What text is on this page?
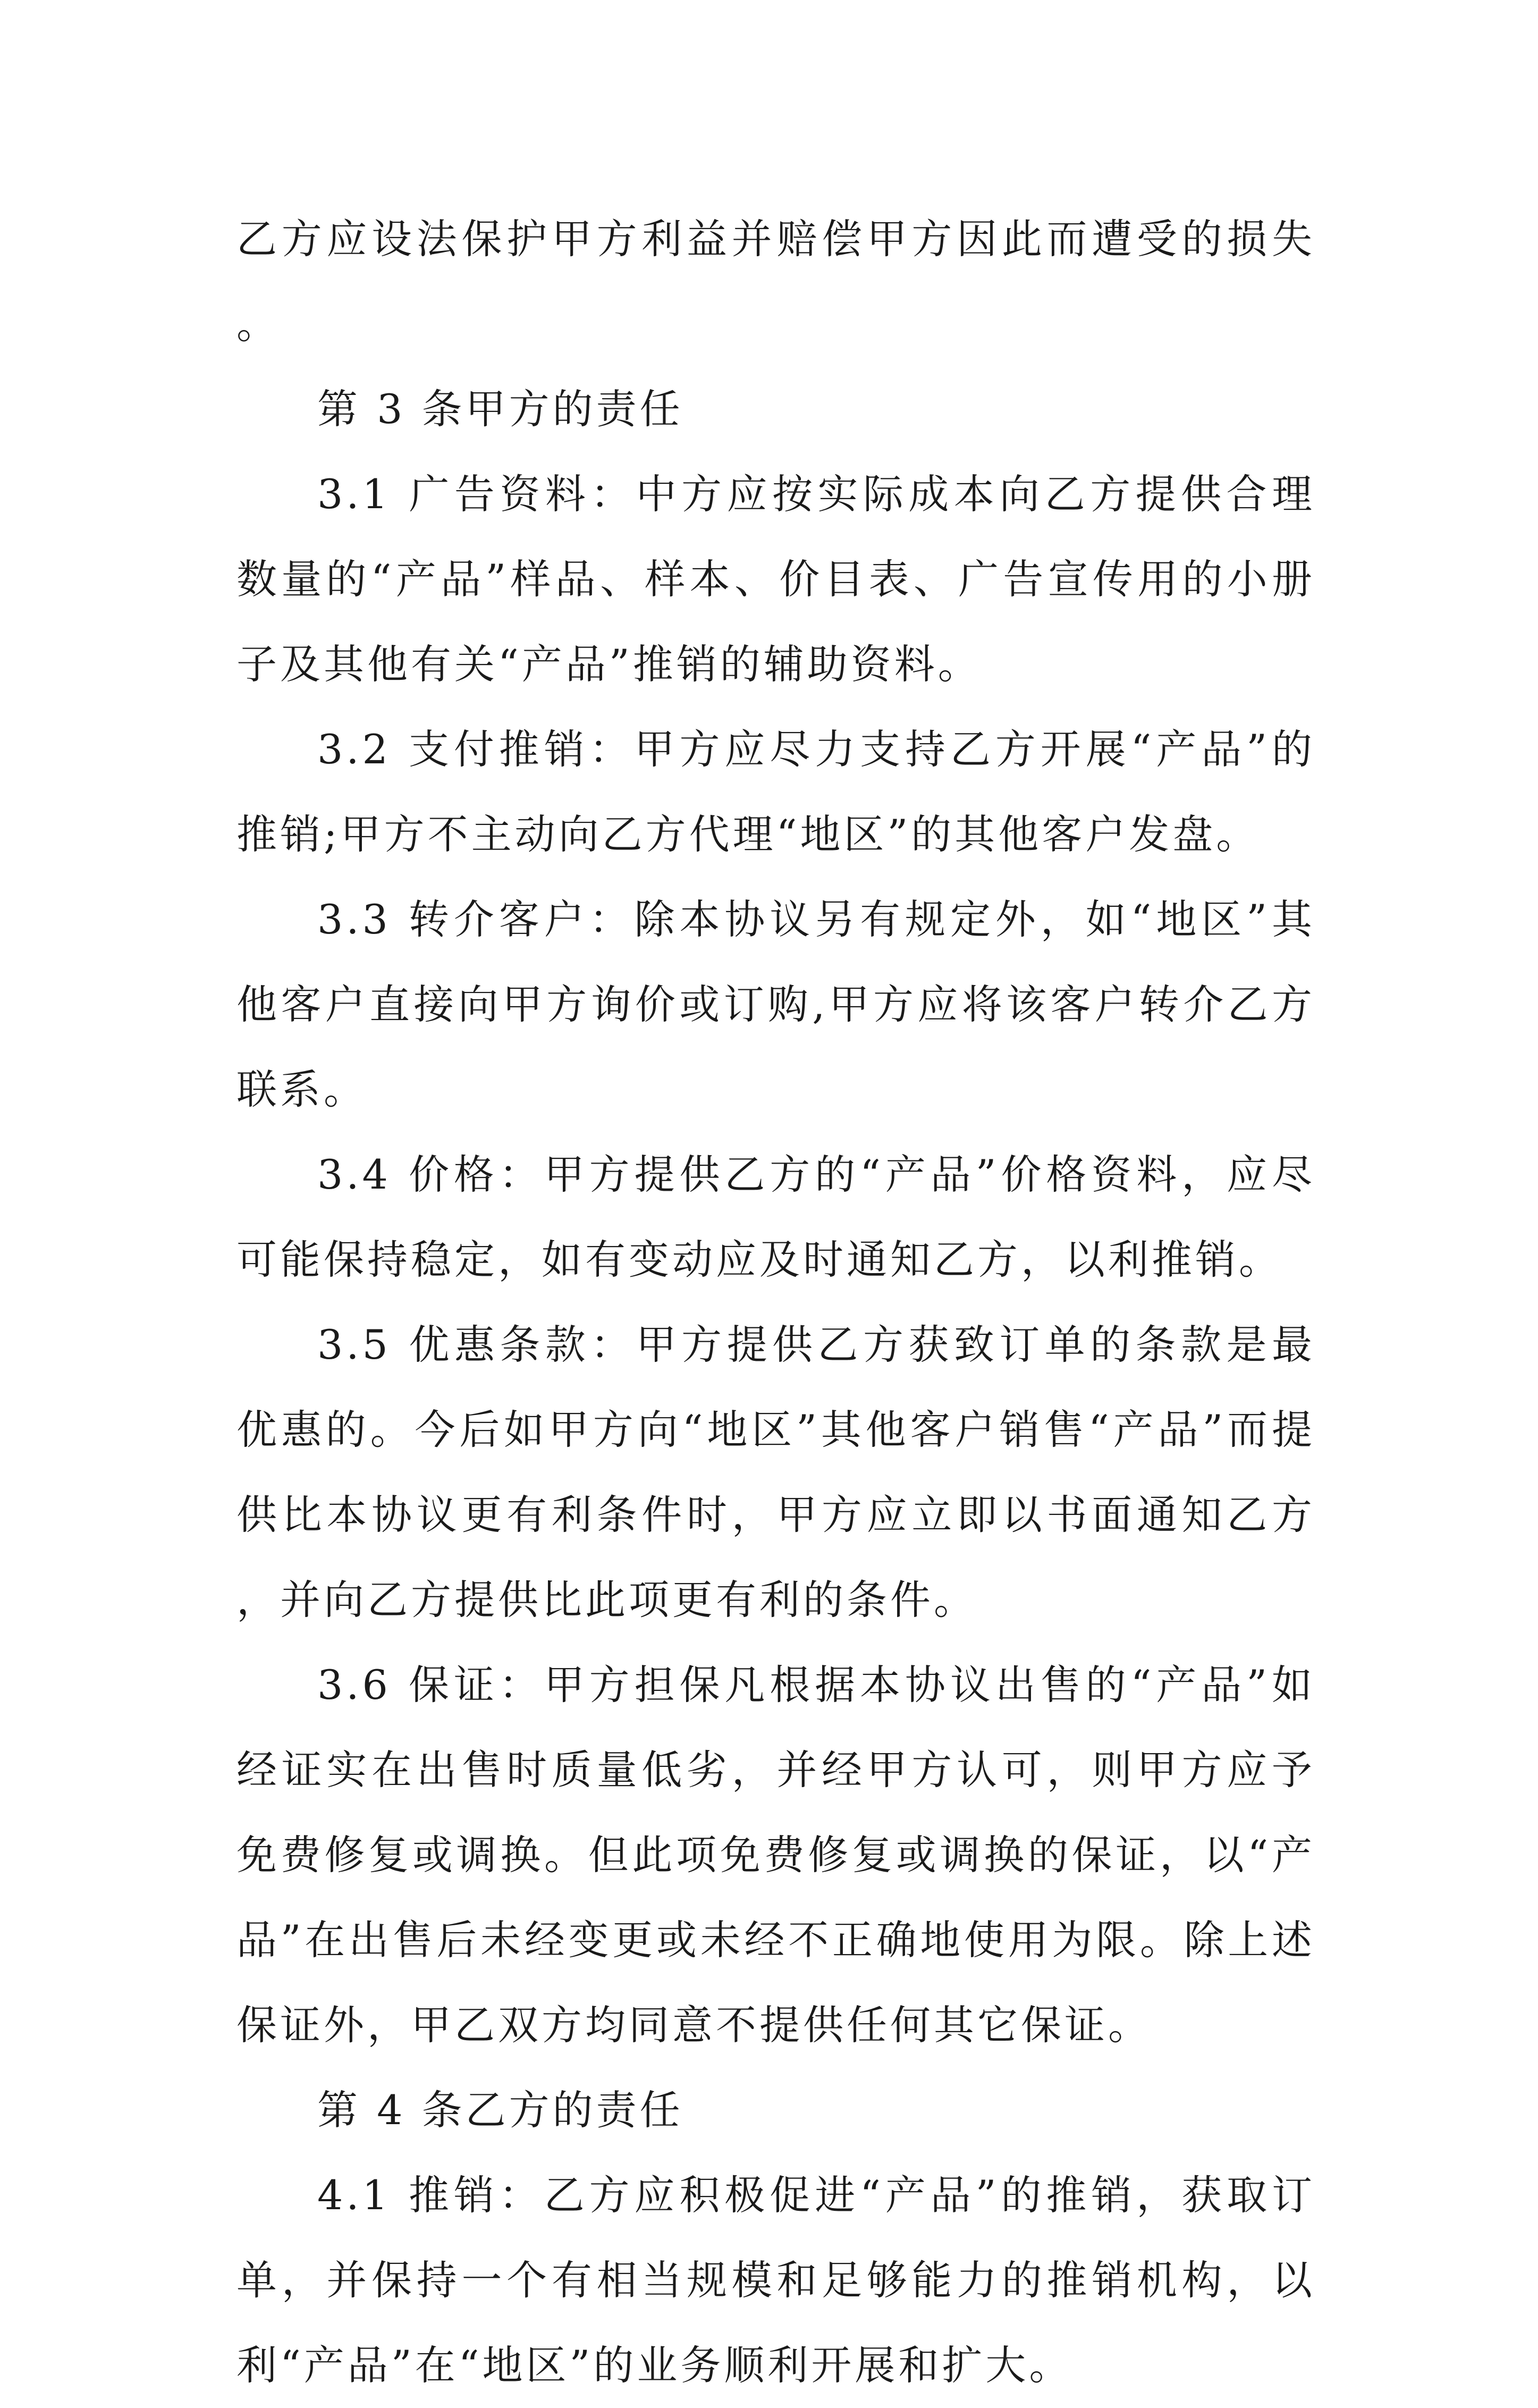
乙方应设法保护甲方利益并赔偿甲方因此而遭受的损失。

第 3 条甲方的责任

3.1 广告资料：中方应按实际成本向乙方提供合理数量的“产品”样品、样本、价目表、广告宣传用的小册子及其他有关“产品”推销的辅助资料。

3.2 支付推销：甲方应尽力支持乙方开展“产品”的推销;甲方不主动向乙方代理“地区”的其他客户发盘。

3.3 转介客户：除本协议另有规定外，如“地区”其他客户直接向甲方询价或订购,甲方应将该客户转介乙方联系。

3.4 价格：甲方提供乙方的“产品”价格资料，应尽可能保持稳定，如有变动应及时通知乙方，以利推销。

3.5 优惠条款：甲方提供乙方获致订单的条款是最优惠的。今后如甲方向“地区”其他客户销售“产品”而提供比本协议更有利条件时，甲方应立即以书面通知乙方，并向乙方提供比此项更有利的条件。

3.6 保证：甲方担保凡根据本协议出售的“产品”如经证实在出售时质量低劣，并经甲方认可，则甲方应予免费修复或调换。但此项免费修复或调换的保证，以“产品”在出售后未经变更或未经不正确地使用为限。除上述保证外，甲乙双方均同意不提供任何其它保证。

第 4 条乙方的责任

4.1 推销：乙方应积极促进“产品”的推销，获取订单，并保持一个有相当规模和足够能力的推销机构，以利“产品”在“地区”的业务顺利开展和扩大。
